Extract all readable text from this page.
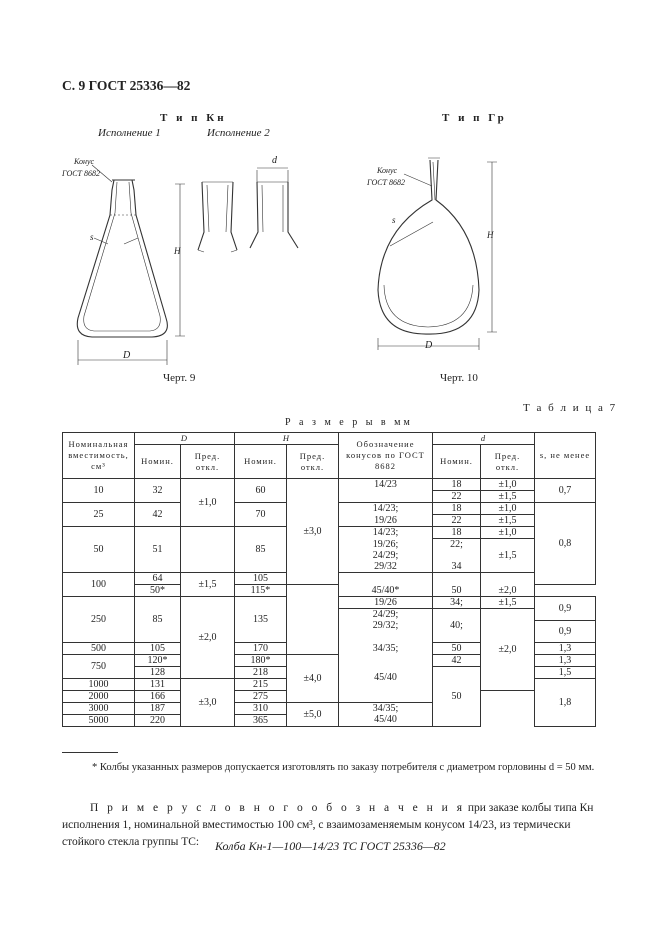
С. 9 ГОСТ 25336—82
Т и п Кн	Т и п Гр
Исполнение 1	Исполнение 2
Конус
ГОСТ 8682	Конус
ГОСТ 8682
d
s
s
H
H
D
D
Черт. 9	Черт. 10
Т а б л и ц а 7
Р а з м е р ы в мм
Номинальная вместимость, см³	D		H		Обозначение конусов по ГОСТ 8682	d		s, не менее
	Номин.	Пред. откл.	Номин.	Пред. откл.		Номин.	Пред. откл.	
10	32	±1,0	60	±3,0	14/23	18	±1,0	0,7
						22	±1,5	
25	42		70		14/23;	18	±1,0	0,8
					19/26	22	±1,5	
50	51		85		14/23;	18	±1,0	
					19/26;	22;	±1,5	
					24/29;			
					29/32	34		
100	64	±1,5	105		45/40*	50	±2,0	
	50*		115*					
250	85	±2,0	135		19/26	34;	±1,5	0,9
					24/29;	40;	±2,0	
					29/32;			0,9

500	105		170		34/35;	50		1,3
750	120*		180*	±4,0	45/40	42		1,3
	128		218			50		1,5
1000	131	±3,0	215					1,8
2000	166		275					
3000	187		310	±5,0	34/35;			
5000	220		365		45/40			
* Колбы указанных размеров допускается изготовлять по заказу потребителя с диаметром горловины d = 50 мм.
П р и м е р у с л о в н о г о о б о з н а ч е н и я при заказе колбы типа Кн исполнения 1, номинальной вместимостью 100 см³, с взаимозаменяемым конусом 14/23, из термически стойкого стекла группы ТС:	Колба Кн-1—100—14/23 ТС ГОСТ 25336—82
